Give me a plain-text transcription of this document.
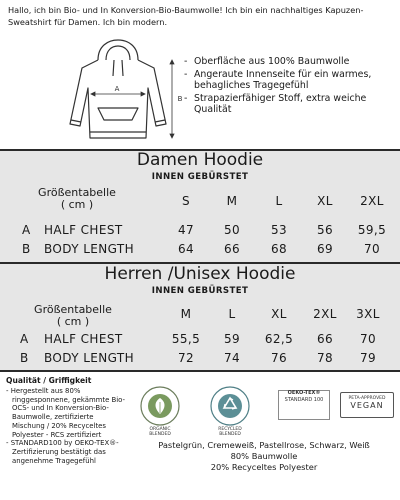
Hallo, ich bin Bio- und In Konversion-Bio-Baumwolle! Ich bin ein nachhaltiges Kapuzen-Sweatshirt für Damen. Ich bin modern.
A
B
- Oberfläche aus 100% Baumwolle
- Angeraute Innenseite für ein warmes, behagliches Tragegefühl
- Strapazierfähiger Stoff, extra weiche Qualität
Damen Hoodie
INNEN GEBÜRSTET
Größentabelle
( cm )	S	M	L	XL	2XL
A HALF CHEST	47	50	53	56	59,5
B BODY LENGTH	64	66	68	69	70
Herren /Unisex Hoodie
INNEN GEBÜRSTET
Größentabelle
( cm )
M	L	XL	2XL	3XL
A HALF CHEST	55,5	59	62,5	66	70
B BODY LENGTH	72	74	76	78	79
Qualität / Griffigkeit
- Hergestellt aus 80% ringgesponnene, gekämmte Bio-OCS- und In Konversion-Bio-Baumwolle, zertifizierte Mischung / 20% Recyceltes Polyester - RCS zertifiziert
- STANDARD100 by OEKO-TEX®-Zertifizierung bestätigt das angenehme Tragegefühl
ORGANIC BLENDED
RECYCLED BLENDED
OEKO-TEX®
STANDARD 100	PETA-APPROVED
VEGAN
Pastelgrün, Cremeweiß, Pastellrose, Schwarz, Weiß
80% Baumwolle
20% Recyceltes Polyester
